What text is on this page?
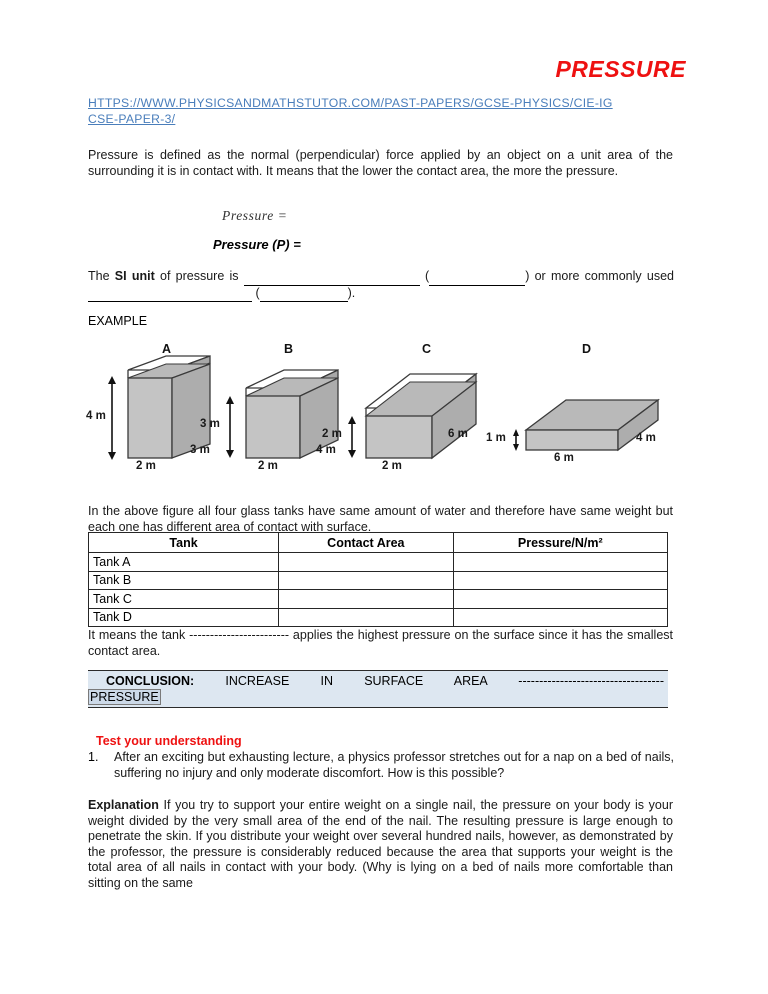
PRESSURE
HTTPS://WWW.PHYSICSANDMATHSTUTOR.COM/PAST-PAPERS/GCSE-PHYSICS/CIE-IGCSE-PAPER-3/
Pressure is defined as the normal (perpendicular) force applied by an object on a unit area of the surrounding it is in contact with. It means that the lower the contact area, the more the pressure.
Pressure =
Pressure (P) =
The SI unit of pressure is	(	) or more commonly used   (	).
EXAMPLE
A	B	C	D
4 m
2 m
3 m
3 m
2 m
4 m
2 m
2 m
6 m 1 m
6 m
4 m
In the above figure all four glass tanks have same amount of water and therefore have same weight but each one has different area of contact with surface.
Tank	Contact Area	Pressure/N/m²
Tank A		
Tank B		
Tank C		
Tank D		
It means the tank ------------------------ applies the highest pressure on the surface since it has the smallest contact area.
CONCLUSION: INCREASE IN SURFACE AREA -----------------------------------
PRESSURE
Test your understanding
1. After an exciting but exhausting lecture, a physics professor stretches out for a nap on a bed of nails, suffering no injury and only moderate discomfort. How is this possible?
Explanation If you try to support your entire weight on a single nail, the pressure on your body is your weight divided by the very small area of the end of the nail. The resulting pressure is large enough to penetrate the skin. If you distribute your weight over several hundred nails, however, as demonstrated by the professor, the pressure is considerably reduced because the area that supports your weight is the total area of all nails in contact with your body. (Why is lying on a bed of nails more comfortable than sitting on the same
